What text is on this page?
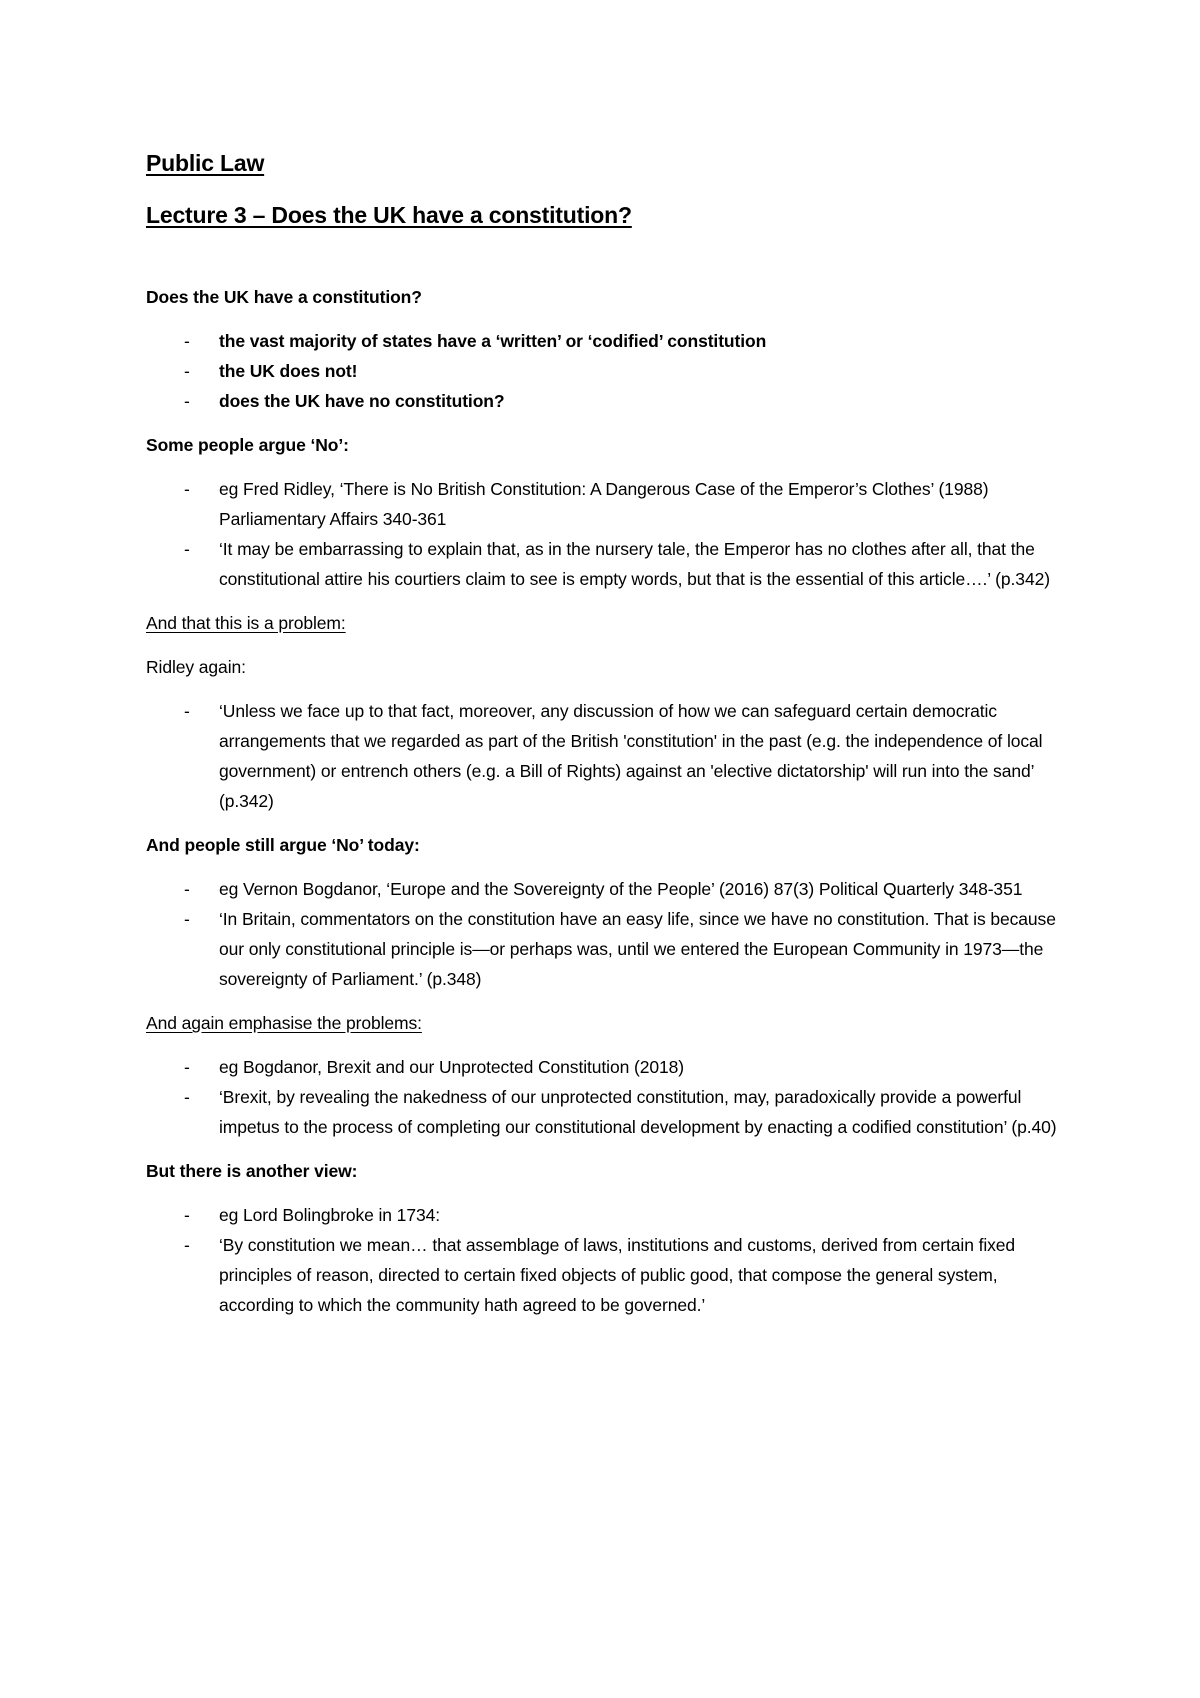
Public Law
Lecture 3 – Does the UK have a constitution?

Does the UK have a constitution?

- the vast majority of states have a ‘written’ or ‘codified’ constitution
- the UK does not!
- does the UK have no constitution?

Some people argue ‘No’:

- eg Fred Ridley, ‘There is No British Constitution: A Dangerous Case of the Emperor’s Clothes’ (1988) Parliamentary Affairs 340-361
- ‘It may be embarrassing to explain that, as in the nursery tale, the Emperor has no clothes after all, that the constitutional attire his courtiers claim to see is empty words, but that is the essential of this article….’ (p.342)

And that this is a problem:

Ridley again:

- ‘Unless we face up to that fact, moreover, any discussion of how we can safeguard certain democratic arrangements that we regarded as part of the British 'constitution' in the past (e.g. the independence of local government) or entrench others (e.g. a Bill of Rights) against an 'elective dictatorship' will run into the sand’ (p.342)

And people still argue ‘No’ today:

- eg Vernon Bogdanor, ‘Europe and the Sovereignty of the People’ (2016) 87(3) Political Quarterly 348-351
- ‘In Britain, commentators on the constitution have an easy life, since we have no constitution. That is because our only constitutional principle is—or perhaps was, until we entered the European Community in 1973—the sovereignty of Parliament.’ (p.348)

And again emphasise the problems:

- eg Bogdanor, Brexit and our Unprotected Constitution (2018)
- ‘Brexit, by revealing the nakedness of our unprotected constitution, may, paradoxically provide a powerful impetus to the process of completing our constitutional development by enacting a codified constitution’ (p.40)

But there is another view:

- eg Lord Bolingbroke in 1734:
- ‘By constitution we mean… that assemblage of laws, institutions and customs, derived from certain fixed principles of reason, directed to certain fixed objects of public good, that compose the general system, according to which the community hath agreed to be governed.’
